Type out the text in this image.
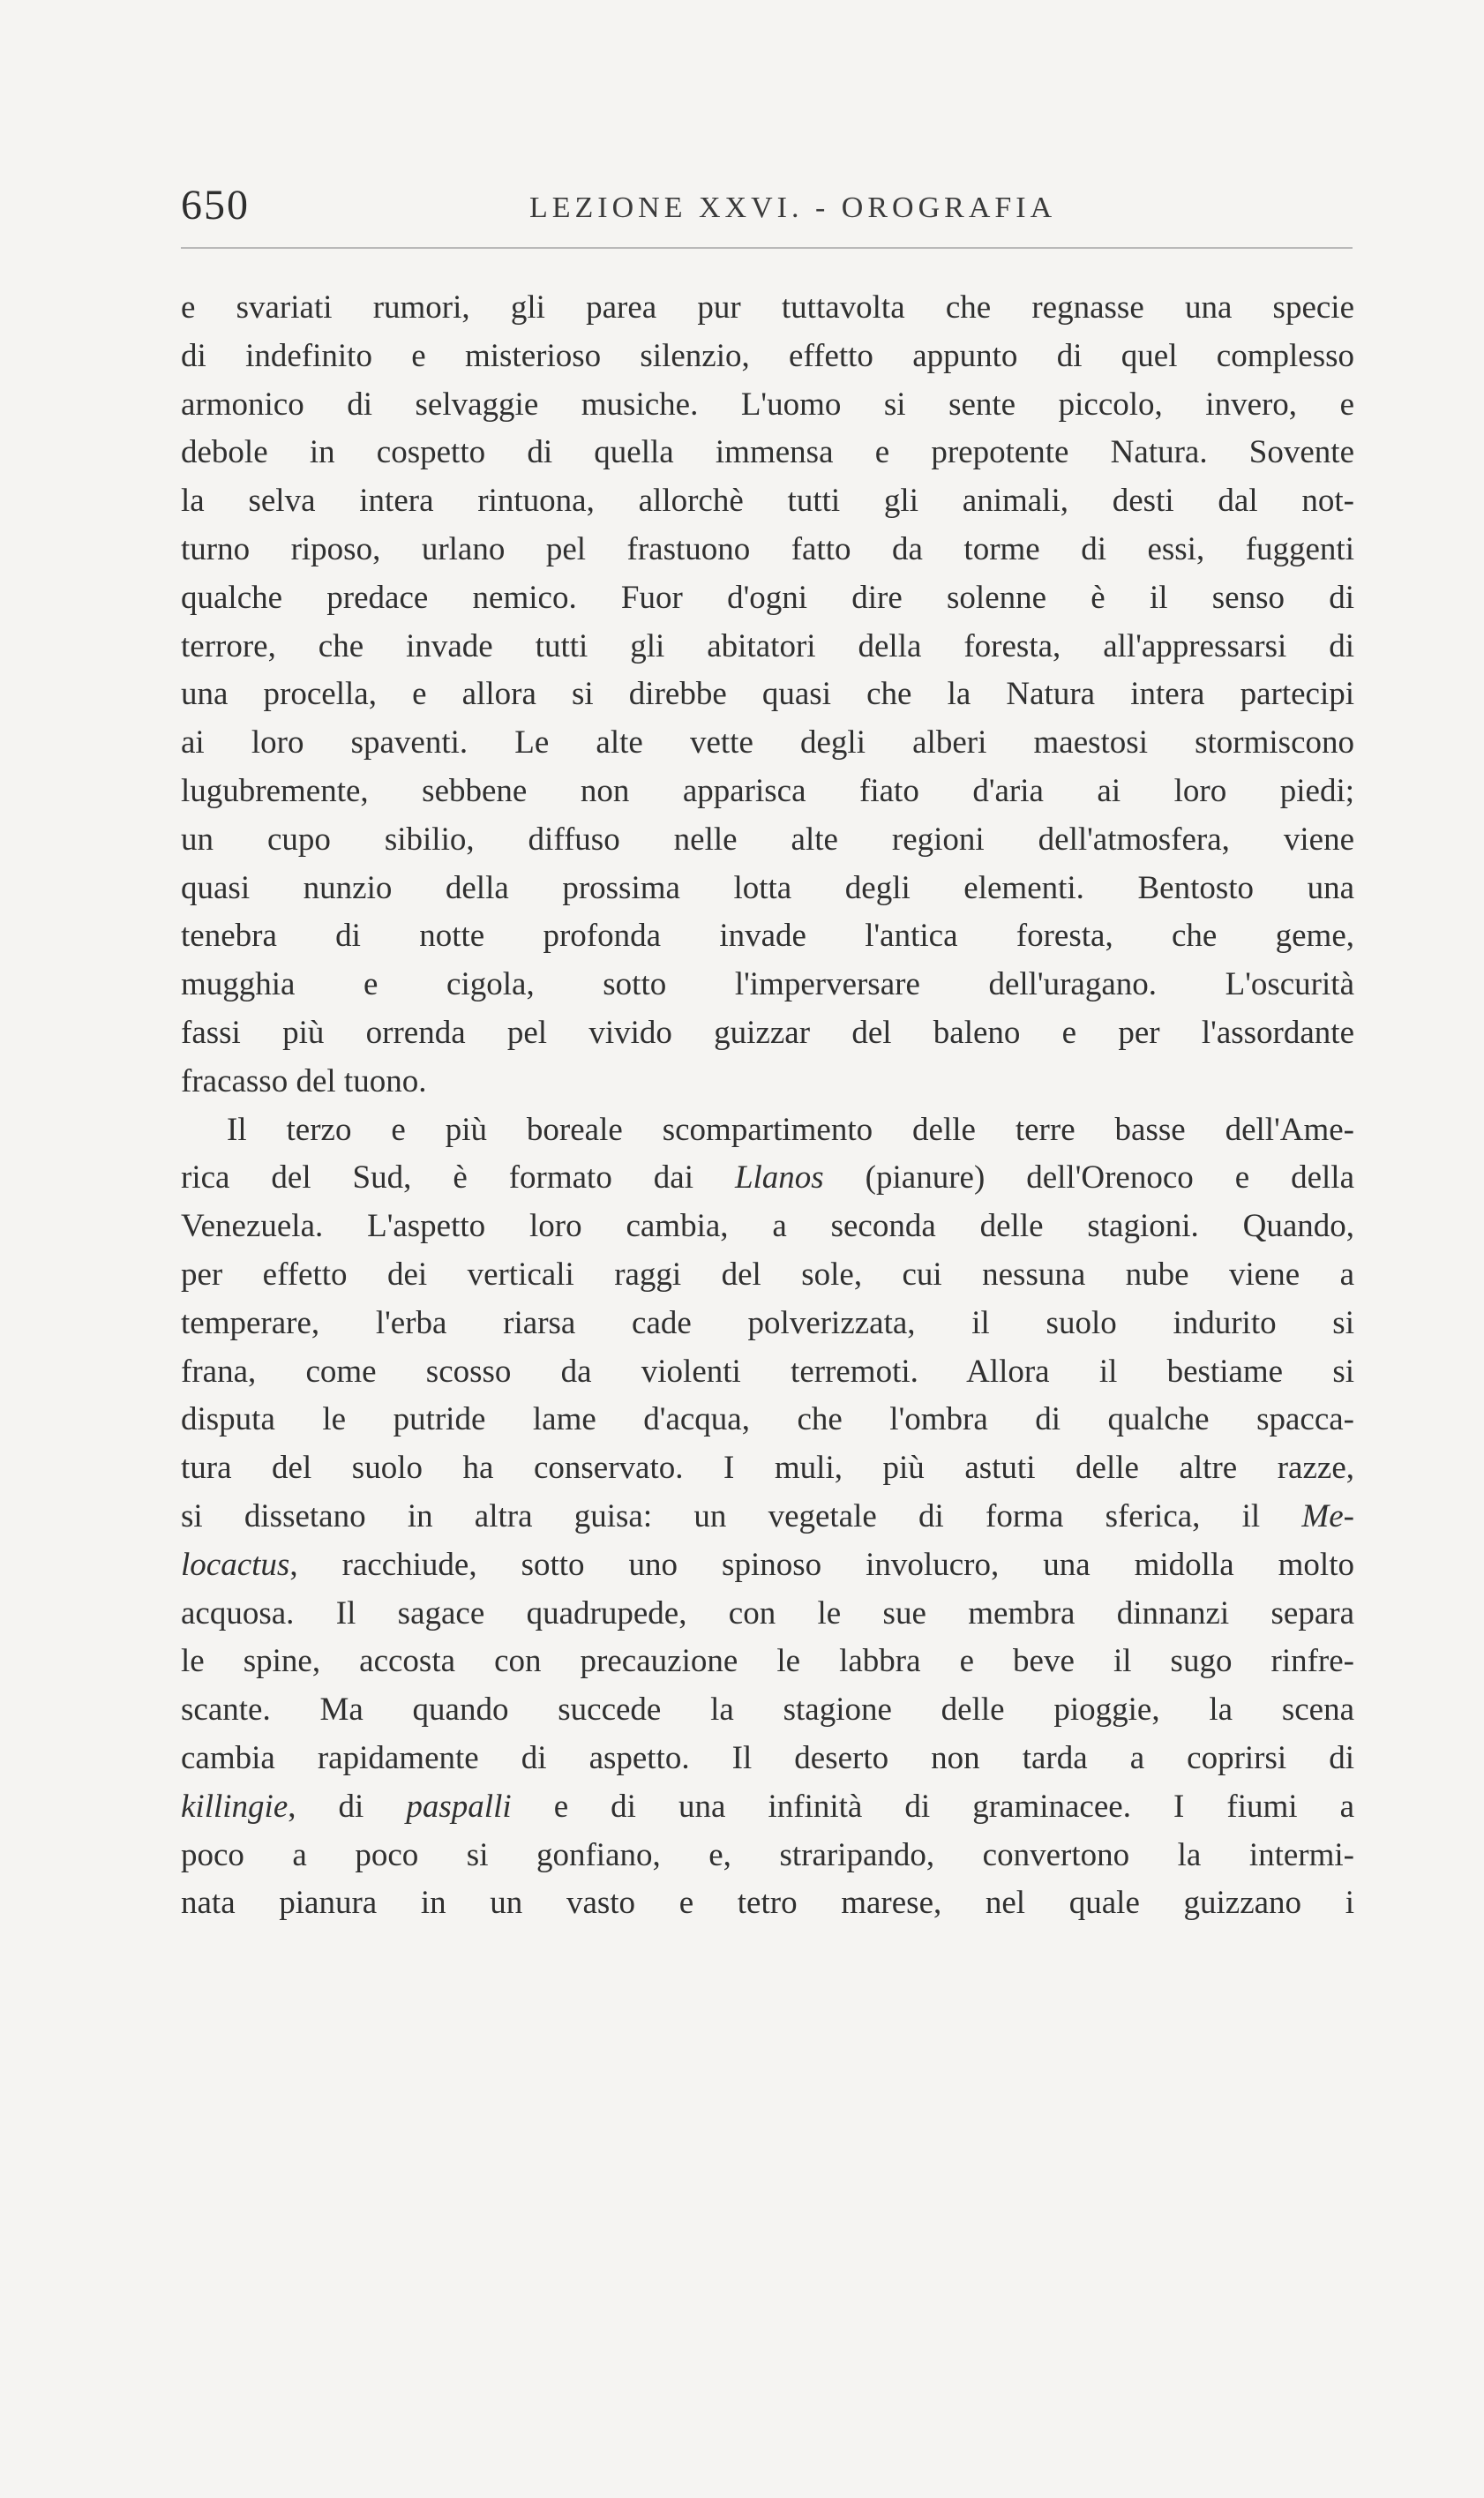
650	LEZIONE XXVI. - OROGRAFIA
e svariati rumori, gli parea pur tuttavolta che regnasse una specie
di indefinito e misterioso silenzio, effetto appunto di quel complesso
armonico di selvaggie musiche. L'uomo si sente piccolo, invero, e
debole in cospetto di quella immensa e prepotente Natura. Sovente
la selva intera rintuona, allorchè tutti gli animali, desti dal not-
turno riposo, urlano pel frastuono fatto da torme di essi, fuggenti
qualche predace nemico. Fuor d'ogni dire solenne è il senso di
terrore, che invade tutti gli abitatori della foresta, all'appressarsi di
una procella, e allora si direbbe quasi che la Natura intera partecipi
ai loro spaventi. Le alte vette degli alberi maestosi stormiscono
lugubremente, sebbene non apparisca fiato d'aria ai loro piedi;
un cupo sibilio, diffuso nelle alte regioni dell'atmosfera, viene
quasi nunzio della prossima lotta degli elementi. Bentosto una
tenebra di notte profonda invade l'antica foresta, che geme,
mugghia e cigola, sotto l'imperversare dell'uragano. L'oscurità
fassi più orrenda pel vivido guizzar del baleno e per l'assordante
fracasso del tuono.
Il terzo e più boreale scompartimento delle terre basse dell'Ame-
rica del Sud, è formato dai Llanos (pianure) dell'Orenoco e della
Venezuela. L'aspetto loro cambia, a seconda delle stagioni. Quando,
per effetto dei verticali raggi del sole, cui nessuna nube viene a
temperare, l'erba riarsa cade polverizzata, il suolo indurito si
frana, come scosso da violenti terremoti. Allora il bestiame si
disputa le putride lame d'acqua, che l'ombra di qualche spacca-
tura del suolo ha conservato. I muli, più astuti delle altre razze,
si dissetano in altra guisa: un vegetale di forma sferica, il Me-
locactus, racchiude, sotto uno spinoso involucro, una midolla molto
acquosa. Il sagace quadrupede, con le sue membra dinnanzi separa
le spine, accosta con precauzione le labbra e beve il sugo rinfre-
scante. Ma quando succede la stagione delle pioggie, la scena
cambia rapidamente di aspetto. Il deserto non tarda a coprirsi di
killingie, di paspalli e di una infinità di graminacee. I fiumi a
poco a poco si gonfiano, e, straripando, convertono la intermi-
nata pianura in un vasto e tetro marese, nel quale guizzano i
